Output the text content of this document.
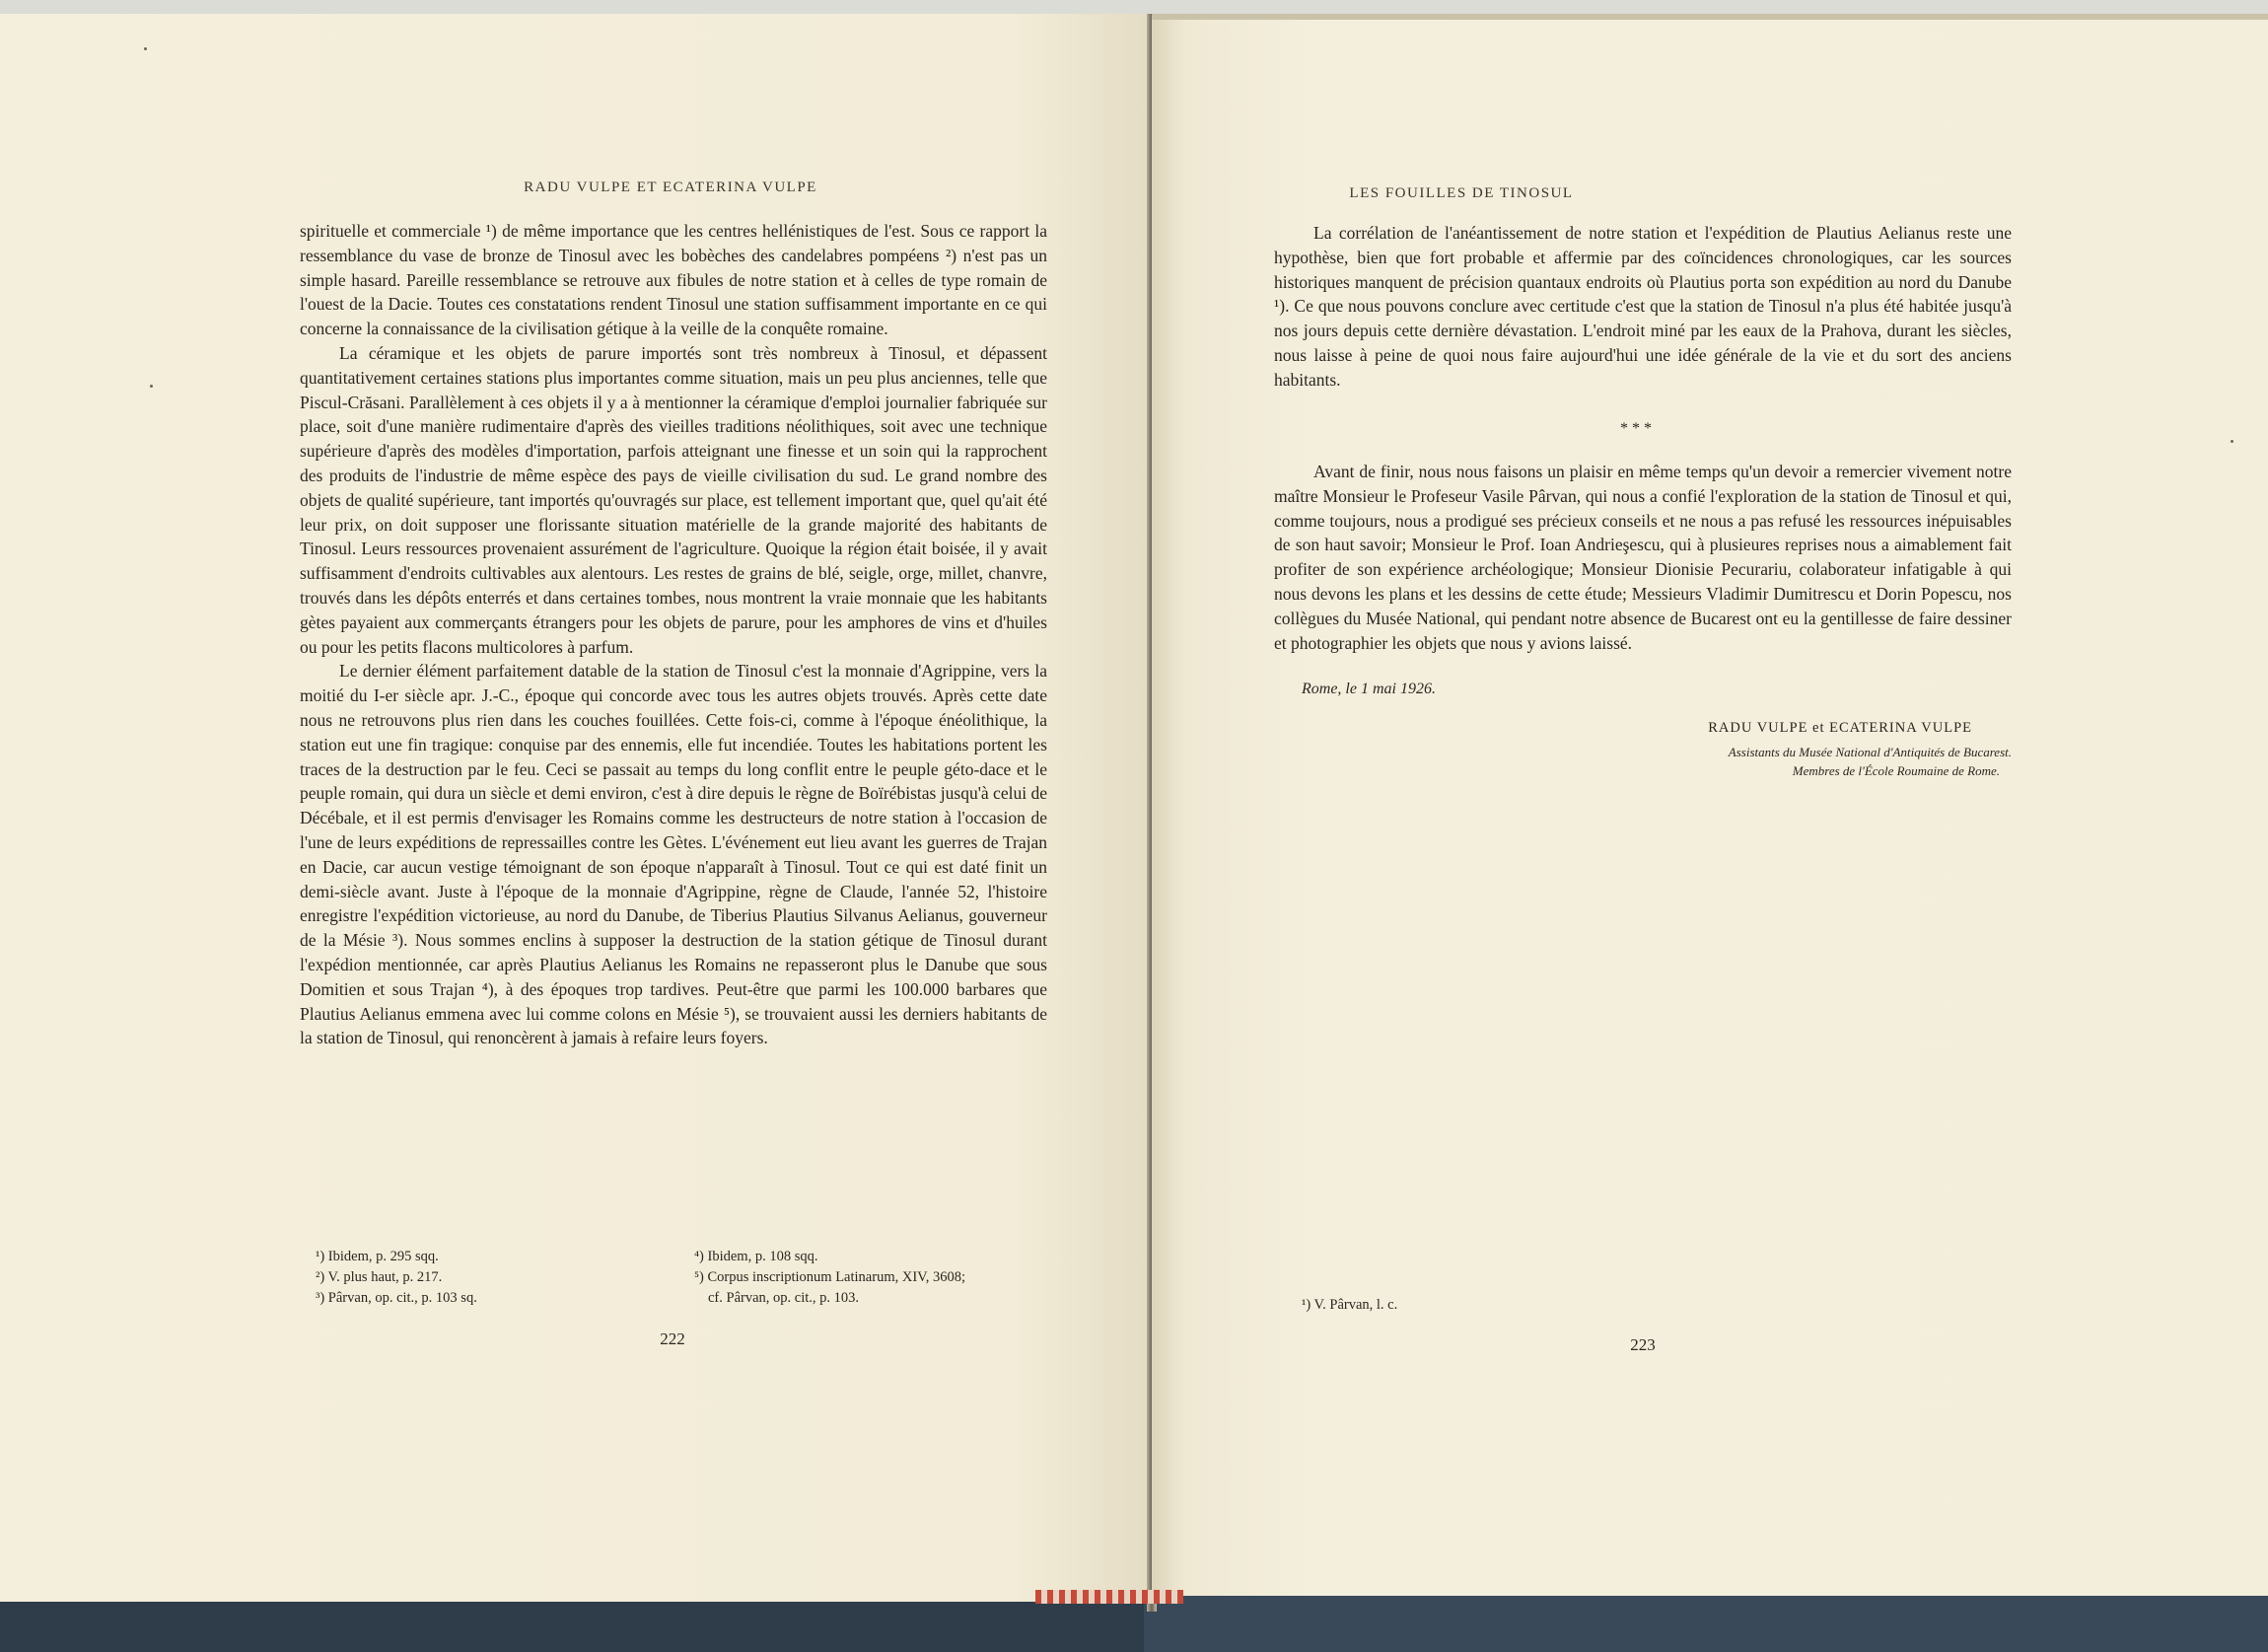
RADU VULPE ET ECATERINA VULPE

spirituelle et commerciale ¹) de même importance que les centres hellénistiques de l'est. Sous ce rapport la ressemblance du vase de bronze de Tinosul avec les bobèches des candelabres pompéens ²) n'est pas un simple hasard. Pareille ressemblance se retrouve aux fibules de notre station et à celles de type romain de l'ouest de la Dacie. Toutes ces constatations rendent Tinosul une station suffisamment importante en ce qui concerne la connaissance de la civilisation gétique à la veille de la conquête romaine.

La céramique et les objets de parure importés sont très nombreux à Tinosul, et dépassent quantitativement certaines stations plus importantes comme situation, mais un peu plus anciennes, telle que Piscul-Crăsani. Parallèlement à ces objets il y a à mentionner la céramique d'emploi journalier fabriquée sur place, soit d'une manière rudimentaire d'après des vieilles traditions néolithiques, soit avec une technique supérieure d'après des modèles d'importation, parfois atteignant une finesse et un soin qui la rapprochent des produits de l'industrie de même espèce des pays de vieille civilisation du sud. Le grand nombre des objets de qualité supérieure, tant importés qu'ouvragés sur place, est tellement important que, quel qu'ait été leur prix, on doit supposer une florissante situation matérielle de la grande majorité des habitants de Tinosul. Leurs ressources provenaient assurément de l'agriculture. Quoique la région était boisée, il y avait suffisamment d'endroits cultivables aux alentours. Les restes de grains de blé, seigle, orge, millet, chanvre, trouvés dans les dépôts enterrés et dans certaines tombes, nous montrent la vraie monnaie que les habitants gètes payaient aux commerçants étrangers pour les objets de parure, pour les amphores de vins et d'huiles ou pour les petits flacons multicolores à parfum.

Le dernier élément parfaitement datable de la station de Tinosul c'est la monnaie d'Agrippine, vers la moitié du I-er siècle apr. J.-C., époque qui concorde avec tous les autres objets trouvés. Après cette date nous ne retrouvons plus rien dans les couches fouillées. Cette fois-ci, comme à l'époque énéolithique, la station eut une fin tragique: conquise par des ennemis, elle fut incendiée. Toutes les habitations portent les traces de la destruction par le feu. Ceci se passait au temps du long conflit entre le peuple géto-dace et le peuple romain, qui dura un siècle et demi environ, c'est à dire depuis le règne de Boïrébistas jusqu'à celui de Décébale, et il est permis d'envisager les Romains comme les destructeurs de notre station à l'occasion de l'une de leurs expéditions de repressailles contre les Gètes. L'événement eut lieu avant les guerres de Trajan en Dacie, car aucun vestige témoignant de son époque n'apparaît à Tinosul. Tout ce qui est daté finit un demi-siècle avant. Juste à l'époque de la monnaie d'Agrippine, règne de Claude, l'année 52, l'histoire enregistre l'expédition victorieuse, au nord du Danube, de Tiberius Plautius Silvanus Aelianus, gouverneur de la Mésie ³). Nous sommes enclins à supposer la destruction de la station gétique de Tinosul durant l'expédion mentionnée, car après Plautius Aelianus les Romains ne repasseront plus le Danube que sous Domitien et sous Trajan ⁴), à des époques trop tardives. Peut-être que parmi les 100.000 barbares que Plautius Aelianus emmena avec lui comme colons en Mésie ⁵), se trouvaient aussi les derniers habitants de la station de Tinosul, qui renoncèrent à jamais à refaire leurs foyers.

¹) Ibidem, p. 295 sqq.
²) V. plus haut, p. 217.
³) Pârvan, op. cit., p. 103 sq.
⁴) Ibidem, p. 108 sqq.
⁵) Corpus inscriptionum Latinarum, XIV, 3608;
cf. Pârvan, op. cit., p. 103.
222
LES FOUILLES DE TINOSUL

La corrélation de l'anéantissement de notre station et l'expédition de Plautius Aelianus reste une hypothèse, bien que fort probable et affermie par des coïncidences chronologiques, car les sources historiques manquent de précision quantaux endroits où Plautius porta son expédition au nord du Danube ¹). Ce que nous pouvons conclure avec certitude c'est que la station de Tinosul n'a plus été habitée jusqu'à nos jours depuis cette dernière dévastation. L'endroit miné par les eaux de la Prahova, durant les siècles, nous laisse à peine de quoi nous faire aujourd'hui une idée générale de la vie et du sort des anciens habitants.

* * *

Avant de finir, nous nous faisons un plaisir en même temps qu'un devoir a remercier vivement notre maître Monsieur le Profeseur Vasile Pârvan, qui nous a confié l'exploration de la station de Tinosul et qui, comme toujours, nous a prodigué ses précieux conseils et ne nous a pas refusé les ressources inépuisables de son haut savoir; Monsieur le Prof. Ioan Andrieşescu, qui à plusieures reprises nous a aimablement fait profiter de son expérience archéologique; Monsieur Dionisie Pecurariu, colaborateur infatigable à qui nous devons les plans et les dessins de cette étude; Messieurs Vladimir Dumitrescu et Dorin Popescu, nos collègues du Musée National, qui pendant notre absence de Bucarest ont eu la gentillesse de faire dessiner et photographier les objets que nous y avions laissé.

Rome, le 1 mai 1926.
RADU VULPE et ECATERINA VULPE
Assistants du Musée National d'Antiquités de Bucarest.
Membres de l'École Roumaine de Rome.
¹) V. Pârvan, l. c.
223
